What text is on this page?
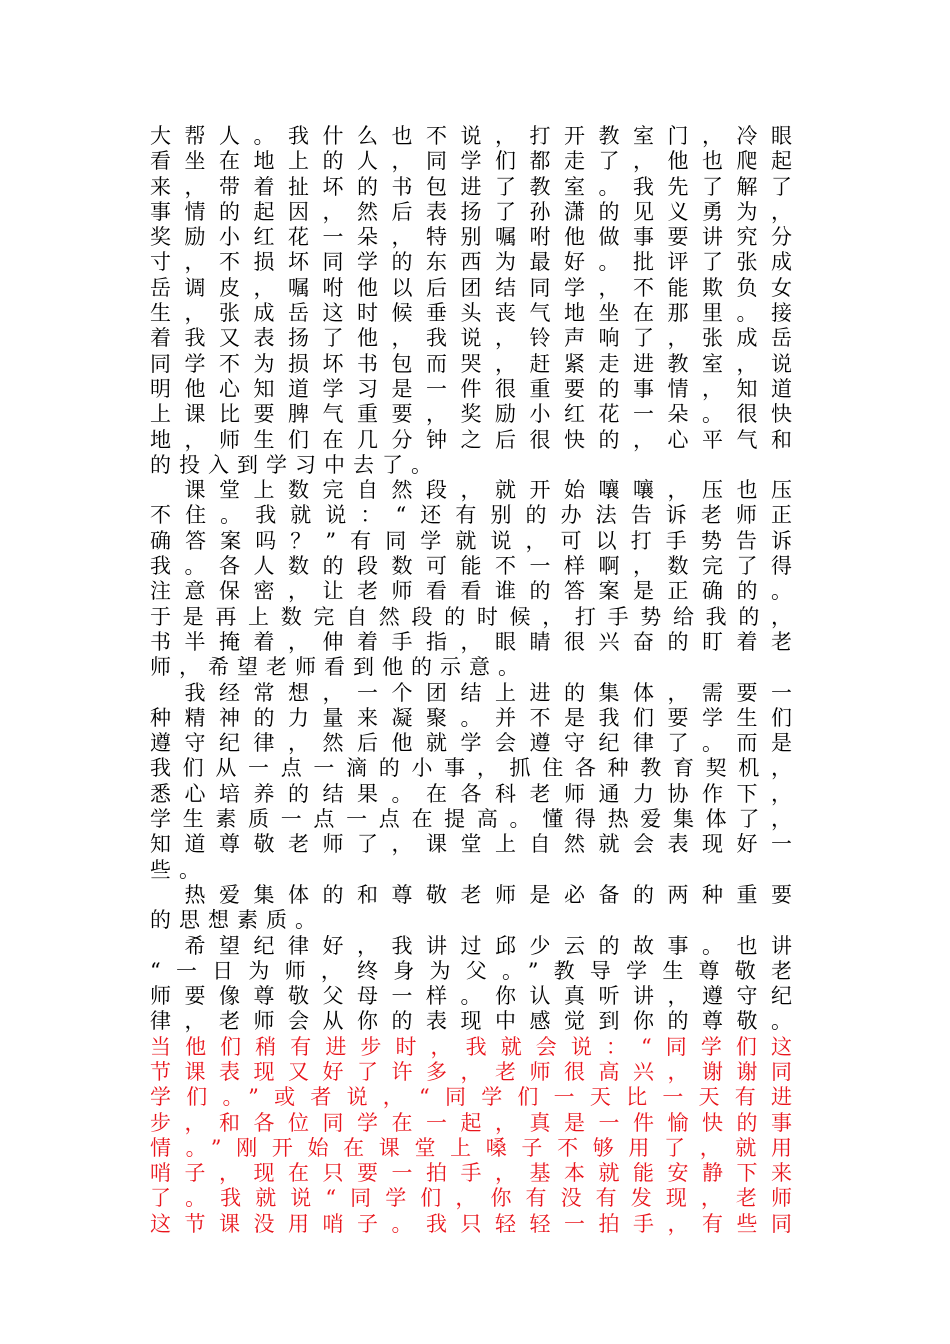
大帮人。我什么也不说，打开教室门，冷眼
看坐在地上的人，同学们都走了，他也爬起
来，带着扯坏的书包进了教室。我先了解了
事情的起因，然后表扬了孙潇的见义勇为，
奖励小红花一朵，特别嘱咐他做事要讲究分
寸，不损坏同学的东西为最好。批评了张成
岳调皮，嘱咐他以后团结同学，不能欺负女
生，张成岳这时候垂头丧气地坐在那里。接
着我又表扬了他，我说，铃声响了，张成岳
同学不为损坏书包而哭，赶紧走进教室，说
明他心知道学习是一件很重要的事情，知道
上课比要脾气重要，奖励小红花一朵。很快
地，师生们在几分钟之后很快的，心平气和
的投入到学习中去了。
　课堂上数完自然段，就开始嚷嚷，压也压
不住。我就说：“还有别的办法告诉老师正
确答案吗？”有同学就说，可以打手势告诉
我。各人数的段数可能不一样啊，数完了得
注意保密，让老师看看谁的答案是正确的。
于是再上数完自然段的时候，打手势给我的，
书半掩着，伸着手指，眼睛很兴奋的盯着老
师，希望老师看到他的示意。
　我经常想，一个团结上进的集体，需要一
种精神的力量来凝聚。并不是我们要学生们
遵守纪律，然后他就学会遵守纪律了。而是
我们从一点一滴的小事，抓住各种教育契机，
悉心培养的结果。在各科老师通力协作下，
学生素质一点一点在提高。懂得热爱集体了，
知道尊敬老师了，课堂上自然就会表现好一
些。
　热爱集体的和尊敬老师是必备的两种重要
的思想素质。
　希望纪律好，我讲过邱少云的故事。也讲
“一日为师，终身为父。”教导学生尊敬老
师要像尊敬父母一样。你认真听讲，遵守纪
律，老师会从你的表现中感觉到你的尊敬。
当他们稍有进步时，我就会说：“同学们这
节课表现又好了许多，老师很高兴，谢谢同
学们。”或者说，“同学们一天比一天有进
步，和各位同学在一起，真是一件愉快的事
情。”刚开始在课堂上嗓子不够用了，就用
哨子，现在只要一拍手，基本就能安静下来
了。我就说“同学们，你有没有发现，老师
这节课没用哨子。我只轻轻一拍手，有些同
